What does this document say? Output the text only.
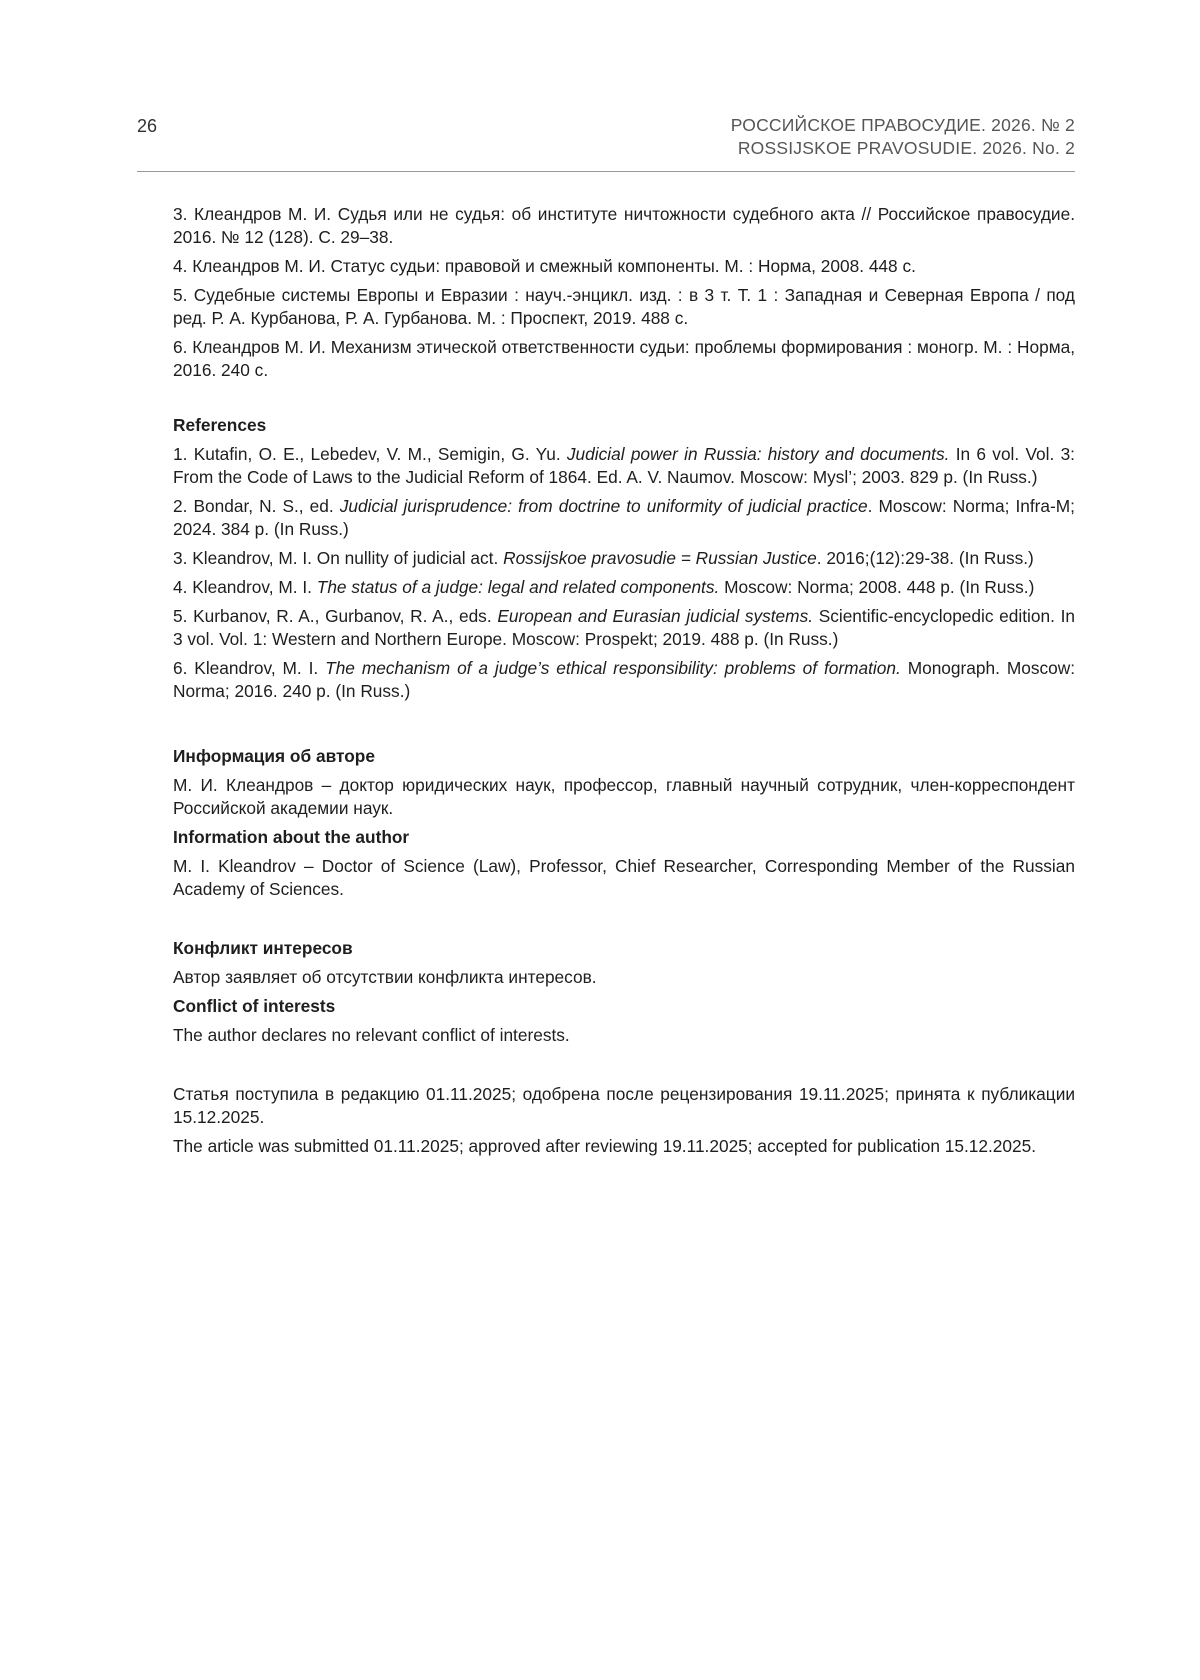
26	РОССИЙСКОЕ ПРАВОСУДИЕ. 2026. № 2
ROSSIJSKOE PRAVOSUDIE. 2026. No. 2

3. Клеандров М. И. Судья или не судья: об институте ничтожности судебного акта // Российское правосудие. 2016. № 12 (128). С. 29–38.

4. Клеандров М. И. Статус судьи: правовой и смежный компоненты. М. : Норма, 2008. 448 с.

5. Судебные системы Европы и Евразии : науч.-энцикл. изд. : в 3 т. Т. 1 : Западная и Северная Европа / под ред. Р. А. Курбанова, Р. А. Гурбанова. М. : Проспект, 2019. 488 с.

6. Клеандров М. И. Механизм этической ответственности судьи: проблемы формирования : моногр. М. : Норма, 2016. 240 с.

References

1. Kutafin, O. E., Lebedev, V. M., Semigin, G. Yu. Judicial power in Russia: history and documents. In 6 vol. Vol. 3: From the Code of Laws to the Judicial Reform of 1864. Ed. A. V. Naumov. Moscow: Mysl’; 2003. 829 p. (In Russ.)

2. Bondar, N. S., ed. Judicial jurisprudence: from doctrine to uniformity of judicial practice. Moscow: Norma; Infra-M; 2024. 384 p. (In Russ.)

3. Kleandrov, M. I. On nullity of judicial act. Rossijskoe pravosudie = Russian Justice. 2016;(12):29-38. (In Russ.)

4. Kleandrov, M. I. The status of a judge: legal and related components. Moscow: Norma; 2008. 448 p. (In Russ.)

5. Kurbanov, R. A., Gurbanov, R. A., eds. European and Eurasian judicial systems. Scientific-encyclopedic edition. In 3 vol. Vol. 1: Western and Northern Europe. Moscow: Prospekt; 2019. 488 p. (In Russ.)

6. Kleandrov, M. I. The mechanism of a judge’s ethical responsibility: problems of formation. Monograph. Moscow: Norma; 2016. 240 p. (In Russ.)

Информация об авторе

М. И. Клеандров – доктор юридических наук, профессор, главный научный сотрудник, член-корреспондент Российской академии наук.

Information about the author

M. I. Kleandrov – Doctor of Science (Law), Professor, Chief Researcher, Corresponding Member of the Russian Academy of Sciences.

Конфликт интересов

Автор заявляет об отсутствии конфликта интересов.

Conflict of interests

The author declares no relevant conflict of interests.

Статья поступила в редакцию 01.11.2025; одобрена после рецензирования 19.11.2025; принята к публикации 15.12.2025.

The article was submitted 01.11.2025; approved after reviewing 19.11.2025; accepted for publication 15.12.2025.
